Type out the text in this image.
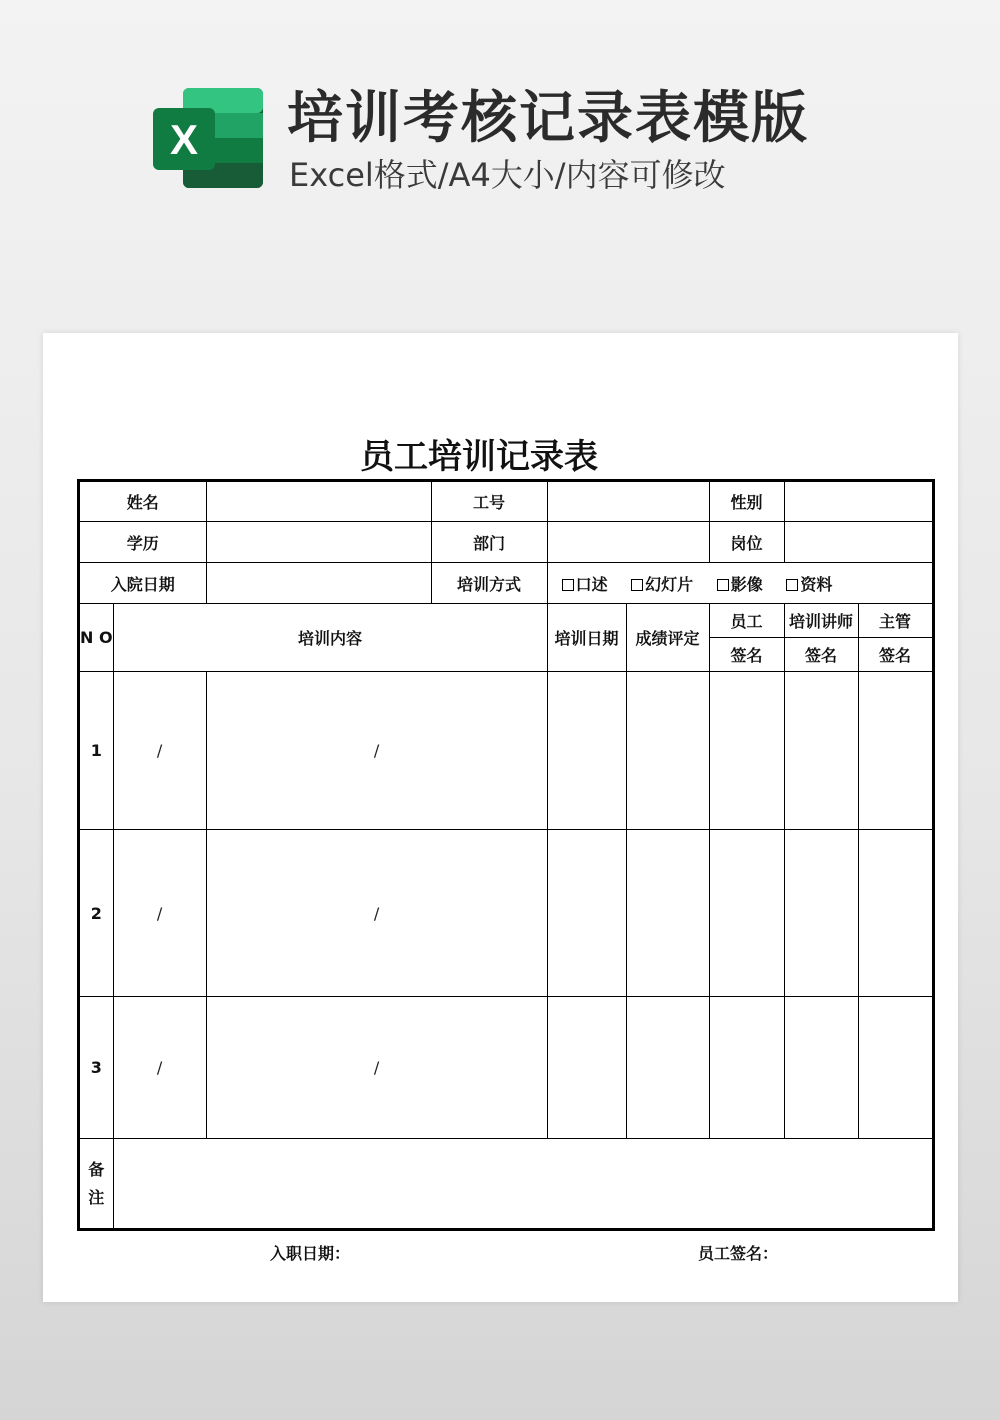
X 培训考核记录表模版
Excel格式/A4大小/内容可修改
员工培训记录表
姓名			工号			性别		
学历			部门			岗位		
入院日期			培训方式	口述 幻灯片 影像 资料				
N O	培训内容			培训日期	成绩评定	员工	培训讲师	主管
						签名	签名	签名
1	/	/						
2	/	/						
3	/	/						

备
注								

入职日期：	员工签名：
